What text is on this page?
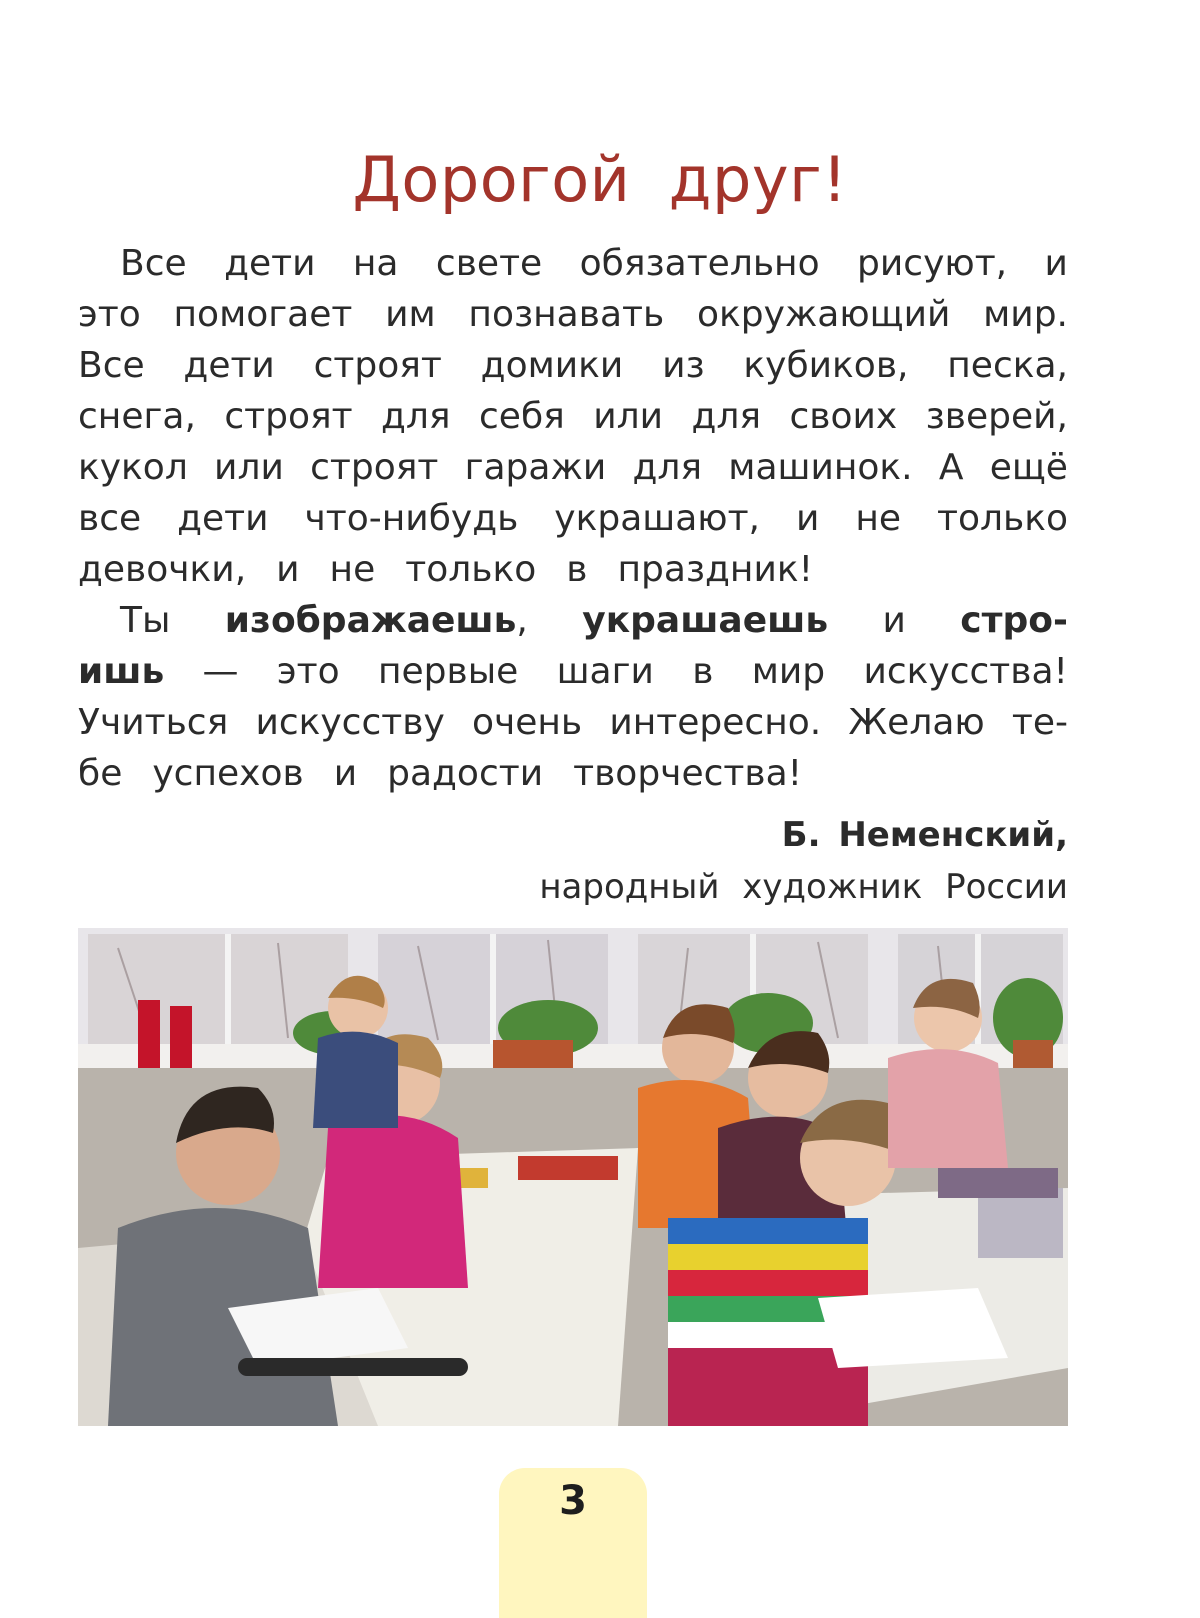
Дорогой друг!
Все дети на свете обязательно рисуют, и
это помогает им познавать окружающий мир.
Все дети строят домики из кубиков, песка,
снега, строят для себя или для своих зверей,
кукол или строят гаражи для машинок. А ещё
все дети что-нибудь украшают, и не только
девочки, и не только в праздник!
Ты изображаешь, украшаешь и стро-
ишь — это первые шаги в мир искусства!
Учиться искусству очень интересно. Желаю те-
бе успехов и радости творчества!
Б. Неменский,
народный художник России
3
